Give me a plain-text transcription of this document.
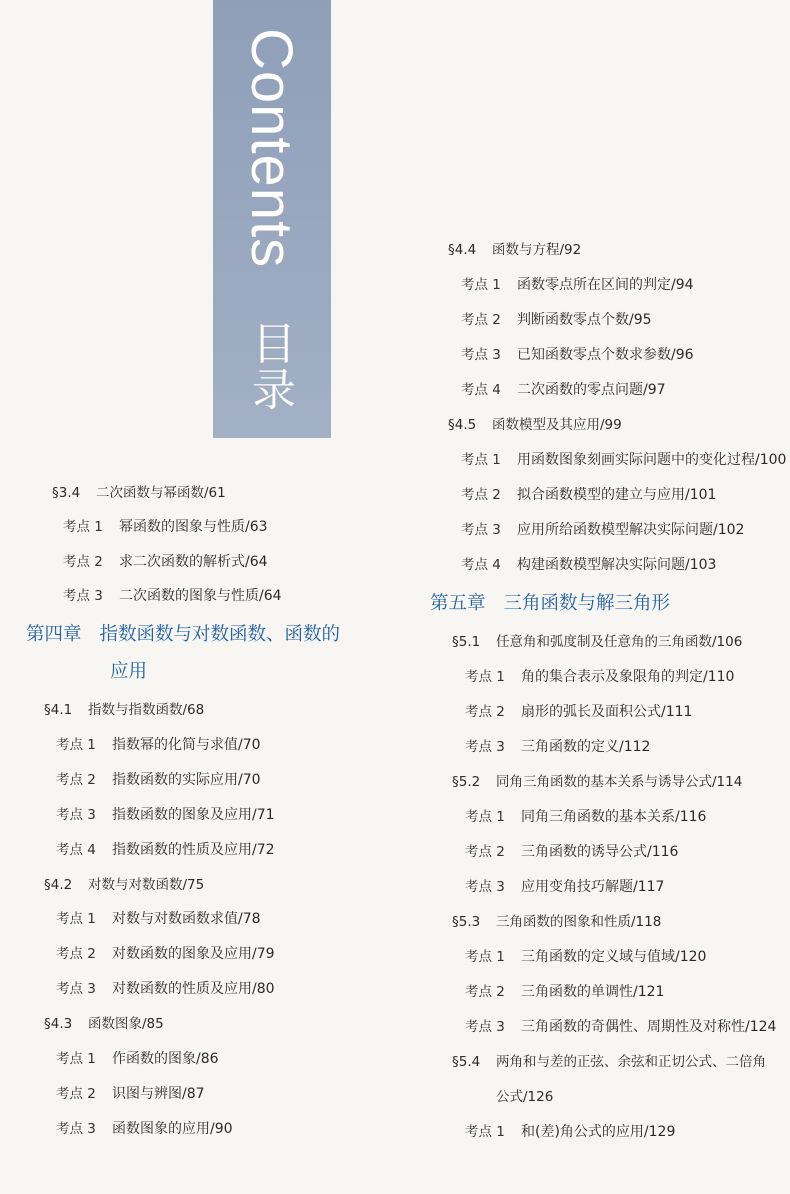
Contents
目录
§3.4 二次函数与幂函数/61
考点 1 幂函数的图象与性质/63
考点 2 求二次函数的解析式/64
考点 3 二次函数的图象与性质/64
第四章 指数函数与对数函数、函数的
应用
§4.1 指数与指数函数/68
考点 1 指数幂的化简与求值/70
考点 2 指数函数的实际应用/70
考点 3 指数函数的图象及应用/71
考点 4 指数函数的性质及应用/72
§4.2 对数与对数函数/75
考点 1 对数与对数函数求值/78
考点 2 对数函数的图象及应用/79
考点 3 对数函数的性质及应用/80
§4.3 函数图象/85
考点 1 作函数的图象/86
考点 2 识图与辨图/87
考点 3 函数图象的应用/90
§4.4 函数与方程/92
考点 1 函数零点所在区间的判定/94
考点 2 判断函数零点个数/95
考点 3 已知函数零点个数求参数/96
考点 4 二次函数的零点问题/97
§4.5 函数模型及其应用/99
考点 1 用函数图象刻画实际问题中的变化过程/100
考点 2 拟合函数模型的建立与应用/101
考点 3 应用所给函数模型解决实际问题/102
考点 4 构建函数模型解决实际问题/103
第五章 三角函数与解三角形
§5.1 任意角和弧度制及任意角的三角函数/106
考点 1 角的集合表示及象限角的判定/110
考点 2 扇形的弧长及面积公式/111
考点 3 三角函数的定义/112
§5.2 同角三角函数的基本关系与诱导公式/114
考点 1 同角三角函数的基本关系/116
考点 2 三角函数的诱导公式/116
考点 3 应用变角技巧解题/117
§5.3 三角函数的图象和性质/118
考点 1 三角函数的定义域与值域/120
考点 2 三角函数的单调性/121
考点 3 三角函数的奇偶性、周期性及对称性/124
§5.4 两角和与差的正弦、余弦和正切公式、二倍角
公式/126
考点 1 和(差)角公式的应用/129
